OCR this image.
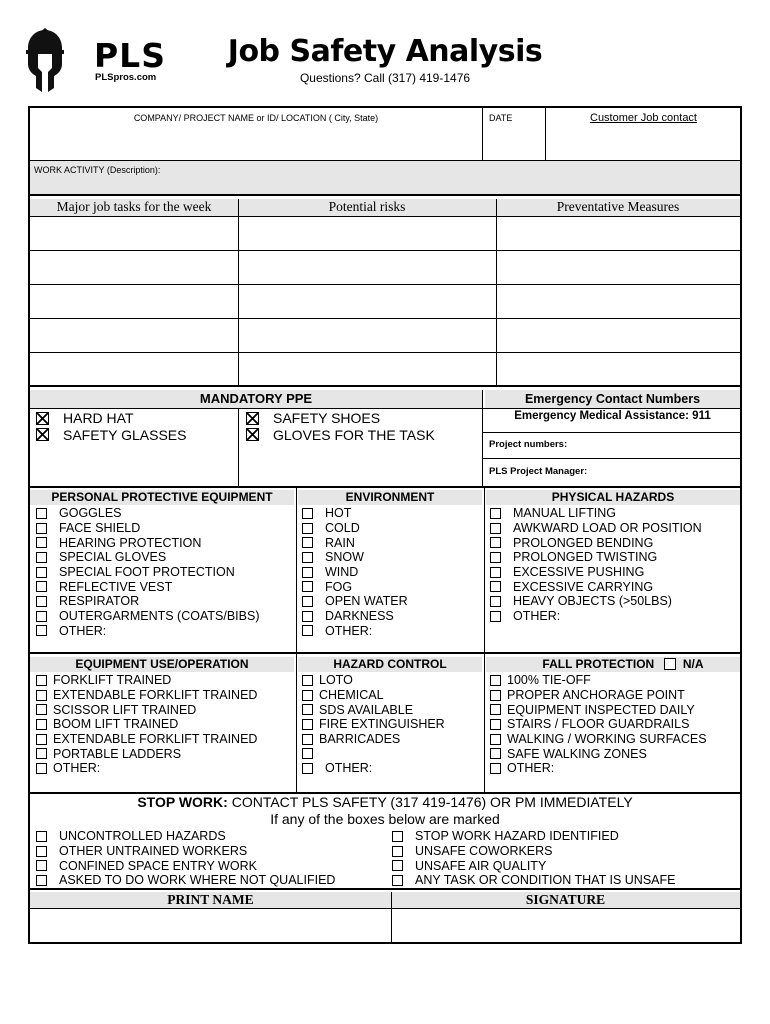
PLS
PLSpros.com
Job Safety Analysis
Questions? Call (317) 419-1476
COMPANY/ PROJECT NAME or ID/ LOCATION ( City, State)	DATE	Customer Job contact
WORK ACTIVITY (Description):
Major job tasks for the week	Potential risks	Preventative Measures
MANDATORY PPE	Emergency Contact Numbers
HARD HAT
SAFETY GLASSES
SAFETY SHOES
GLOVES FOR THE TASK
Emergency Medical Assistance: 911
Project numbers:
PLS Project Manager:
PERSONAL PROTECTIVE EQUIPMENT	ENVIRONMENT	PHYSICAL HAZARDS
GOGGLES
FACE SHIELD
HEARING PROTECTION
SPECIAL GLOVES
SPECIAL FOOT PROTECTION
REFLECTIVE VEST
RESPIRATOR
OUTERGARMENTS (COATS/BIBS)
OTHER:
HOT
COLD
RAIN
SNOW
WIND
FOG
OPEN WATER
DARKNESS
OTHER:
MANUAL LIFTING
AWKWARD LOAD OR POSITION
PROLONGED BENDING
PROLONGED TWISTING
EXCESSIVE PUSHING
EXCESSIVE CARRYING
HEAVY OBJECTS (>50LBS)
OTHER:
EQUIPMENT USE/OPERATION	HAZARD CONTROL	FALL PROTECTION N/A
FORKLIFT TRAINED
EXTENDABLE FORKLIFT TRAINED
SCISSOR LIFT TRAINED
BOOM LIFT TRAINED
EXTENDABLE FORKLIFT TRAINED
PORTABLE LADDERS
OTHER:
LOTO
CHEMICAL
SDS AVAILABLE
FIRE EXTINGUISHER
BARRICADES
OTHER:
100% TIE-OFF
PROPER ANCHORAGE POINT
EQUIPMENT INSPECTED DAILY
STAIRS / FLOOR GUARDRAILS
WALKING / WORKING SURFACES
SAFE WALKING ZONES
OTHER:
STOP WORK: CONTACT PLS SAFETY (317 419-1476) OR PM IMMEDIATELY
If any of the boxes below are marked
UNCONTROLLED HAZARDS
OTHER UNTRAINED WORKERS
CONFINED SPACE ENTRY WORK
ASKED TO DO WORK WHERE NOT QUALIFIED
STOP WORK HAZARD IDENTIFIED
UNSAFE COWORKERS
UNSAFE AIR QUALITY
ANY TASK OR CONDITION THAT IS UNSAFE
PRINT NAME	SIGNATURE
